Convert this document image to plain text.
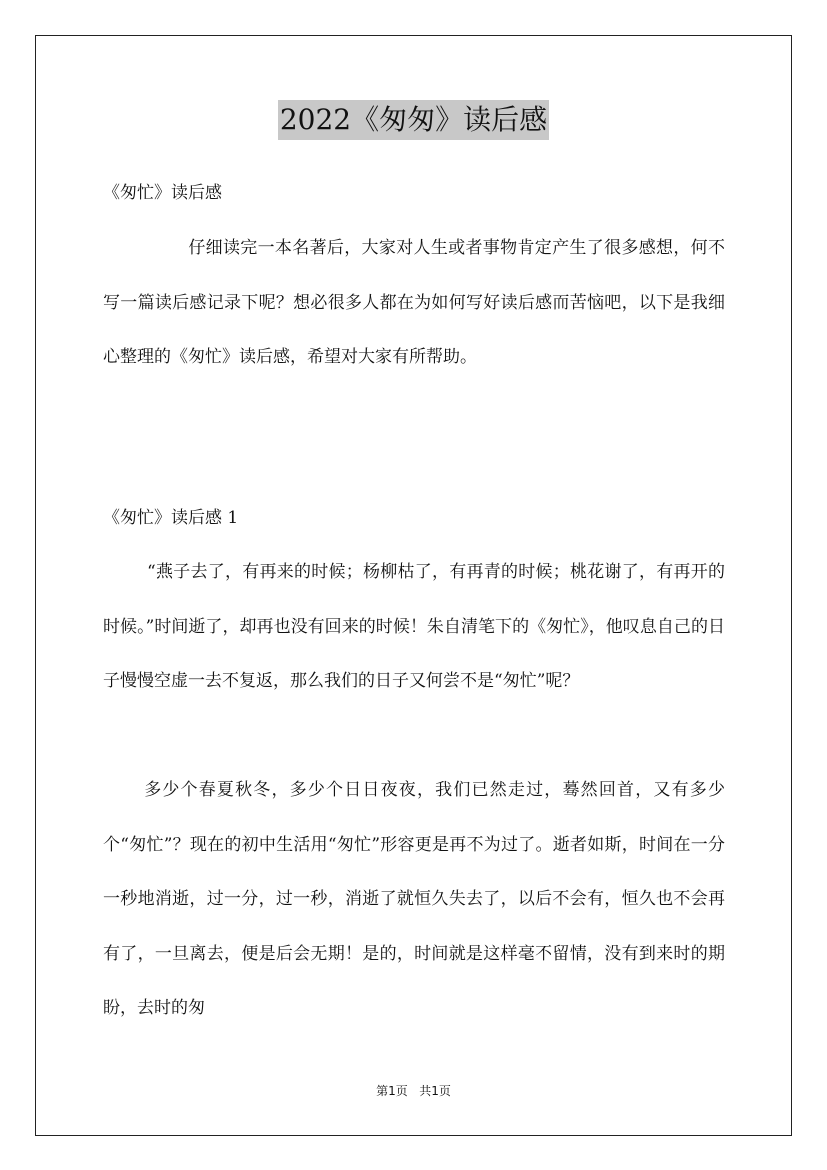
2022《匆匆》读后感
《匆忙》读后感
仔细读完一本名著后，大家对人生或者事物肯定产生了很多感想，何不写一篇读后感记录下呢？想必很多人都在为如何写好读后感而苦恼吧，以下是我细心整理的《匆忙》读后感，希望对大家有所帮助。
《匆忙》读后感 1
“燕子去了，有再来的时候；杨柳枯了，有再青的时候；桃花谢了，有再开的时候。”时间逝了，却再也没有回来的时候！朱自清笔下的《匆忙》，他叹息自己的日子慢慢空虚一去不复返，那么我们的日子又何尝不是“匆忙”呢？
多少个春夏秋冬，多少个日日夜夜，我们已然走过，蓦然回首，又有多少个“匆忙”？现在的初中生活用“匆忙”形容更是再不为过了。逝者如斯，时间在一分一秒地消逝，过一分，过一秒，消逝了就恒久失去了，以后不会有，恒久也不会再有了，一旦离去，便是后会无期！是的，时间就是这样毫不留情，没有到来时的期盼，去时的匆
第1页   共1页
